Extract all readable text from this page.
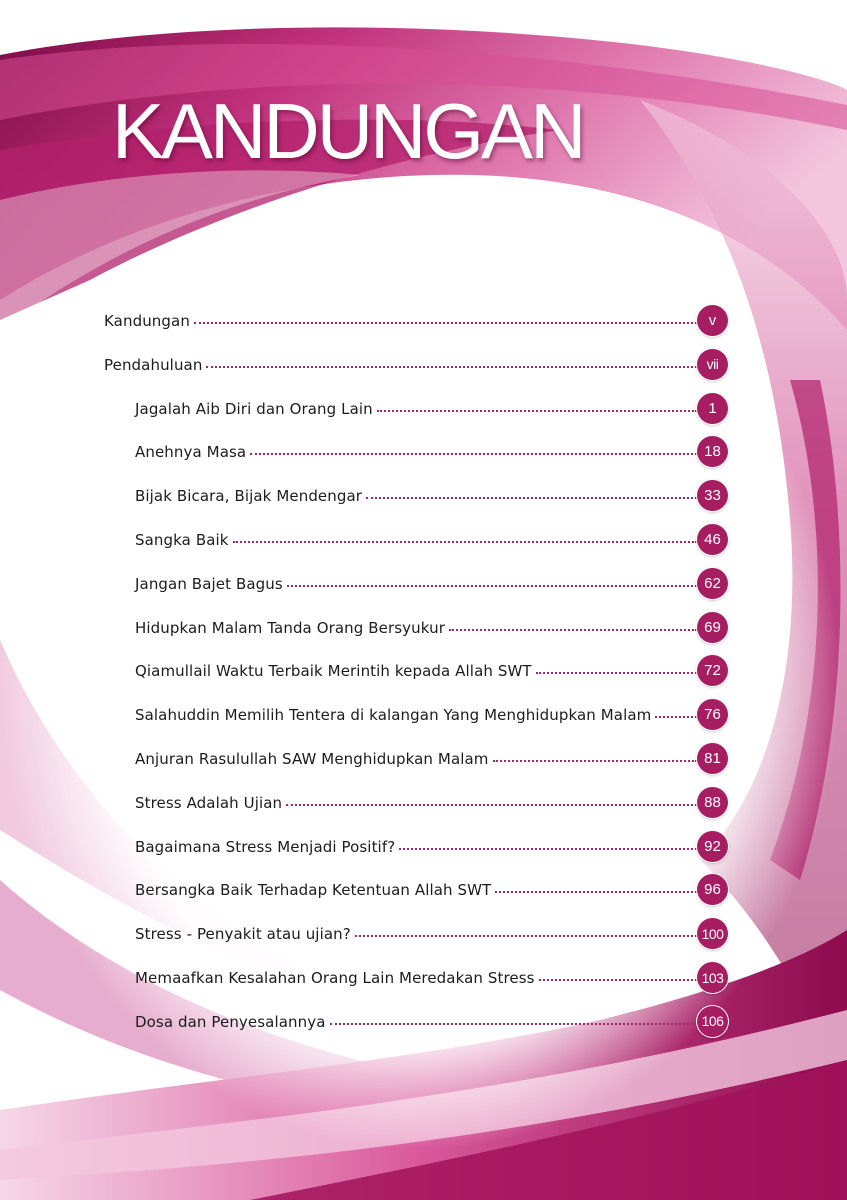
KANDUNGAN
Kandungan	v
Pendahuluan	vii
Jagalah Aib Diri dan Orang Lain	1
Anehnya Masa	18
Bijak Bicara, Bijak Mendengar	33
Sangka Baik	46
Jangan Bajet Bagus	62
Hidupkan Malam Tanda Orang Bersyukur	69
Qiamullail Waktu Terbaik Merintih kepada Allah SWT	72
Salahuddin Memilih Tentera di kalangan Yang Menghidupkan Malam	76
Anjuran Rasulullah SAW Menghidupkan Malam	81
Stress Adalah Ujian	88
Bagaimana Stress Menjadi Positif?	92
Bersangka Baik Terhadap Ketentuan Allah SWT	96
Stress - Penyakit atau ujian?	100
Memaafkan Kesalahan Orang Lain Meredakan Stress	103
Dosa dan Penyesalannya	106
